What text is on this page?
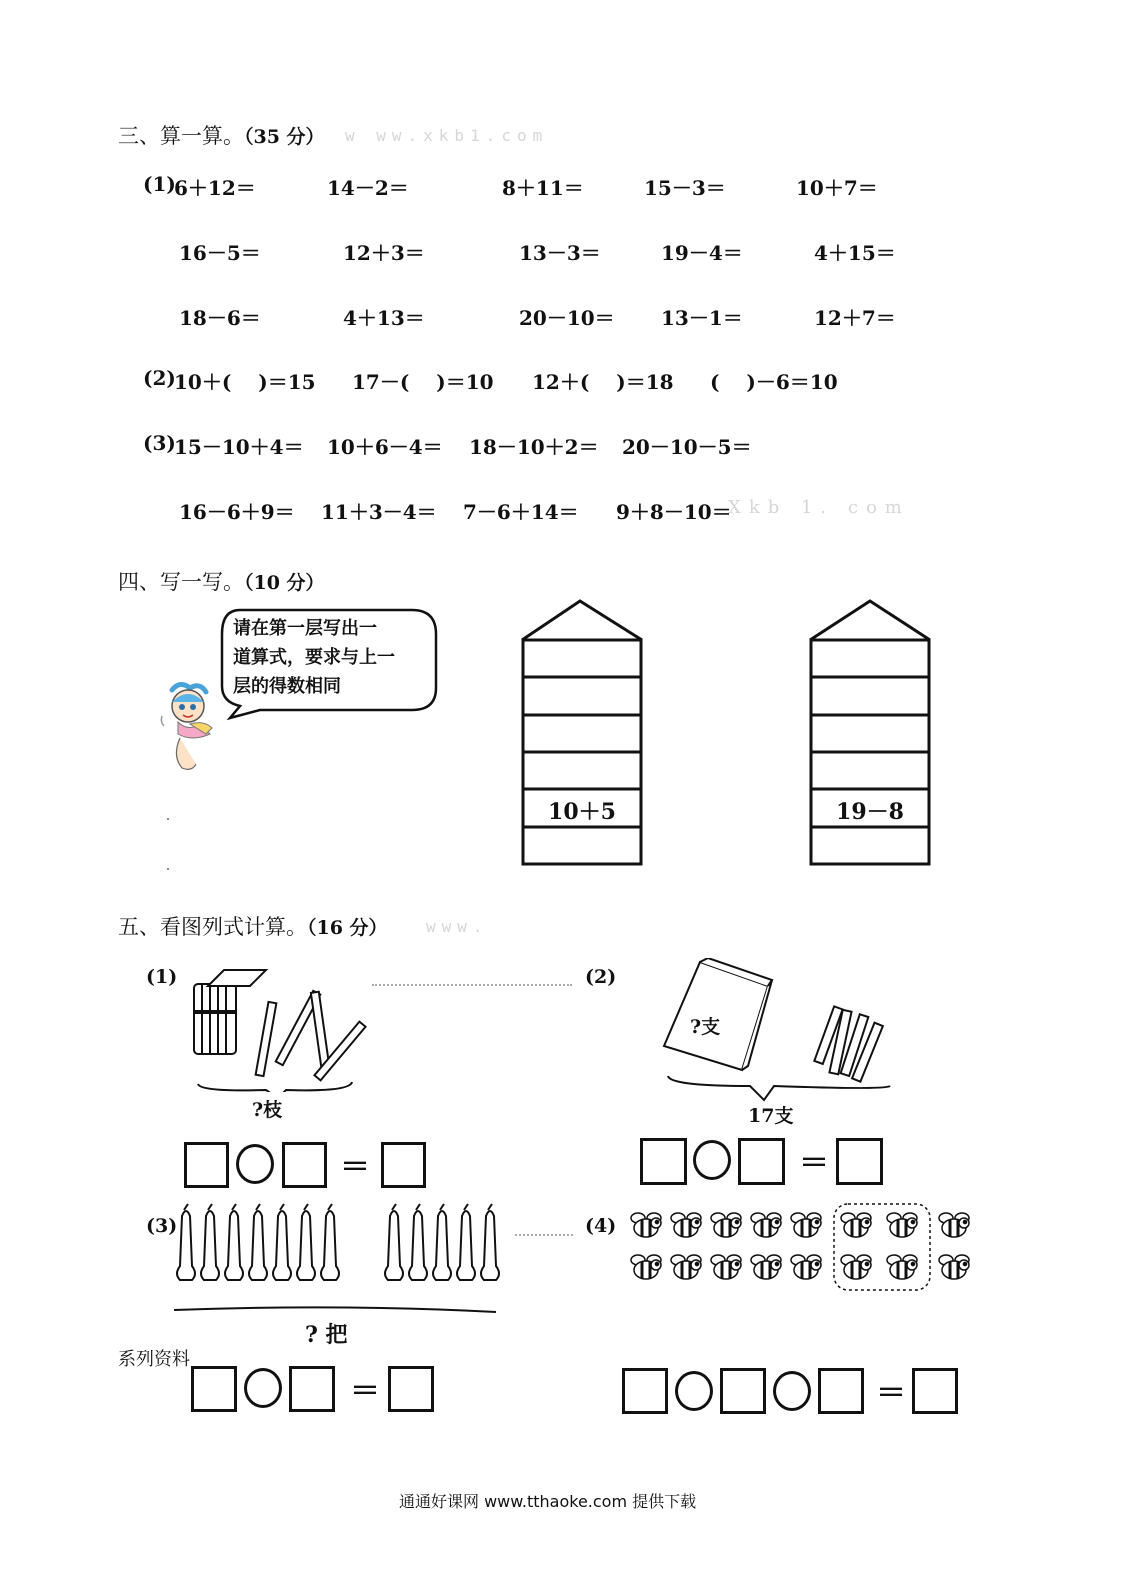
三、算一算。（35 分） w ww.xkb1.com
(1)
6＋12＝	14－2＝	8＋11＝	15－3＝	10＋7＝
16－5＝	12＋3＝	13－3＝	19－4＝	4＋15＝
18－6＝	4＋13＝	20－10＝ 13－1＝	12＋7＝
(2)
10＋(　 )＝15 17－(　 )＝10 12＋(　 )＝18 (　 )－6＝10
(3)
15－10＋4＝ 10＋6－4＝ 18－10＋2＝ 20－10－5＝
16－6＋9＝ 11＋3－4＝ 7－6＋14＝ 9＋8－10＝
Xkb 1. com
四、写一写。（10 分）
请在第一层写出一
道算式，要求与上一
层的得数相同
10＋5	19－8
五、看图列式计算。（16 分） www.
(1)
?枝
＝
(2)
?支
17支
＝
(3)
? 把
系列资料
＝
(4)
＝
通通好课网 www.tthaoke.com 提供下载
